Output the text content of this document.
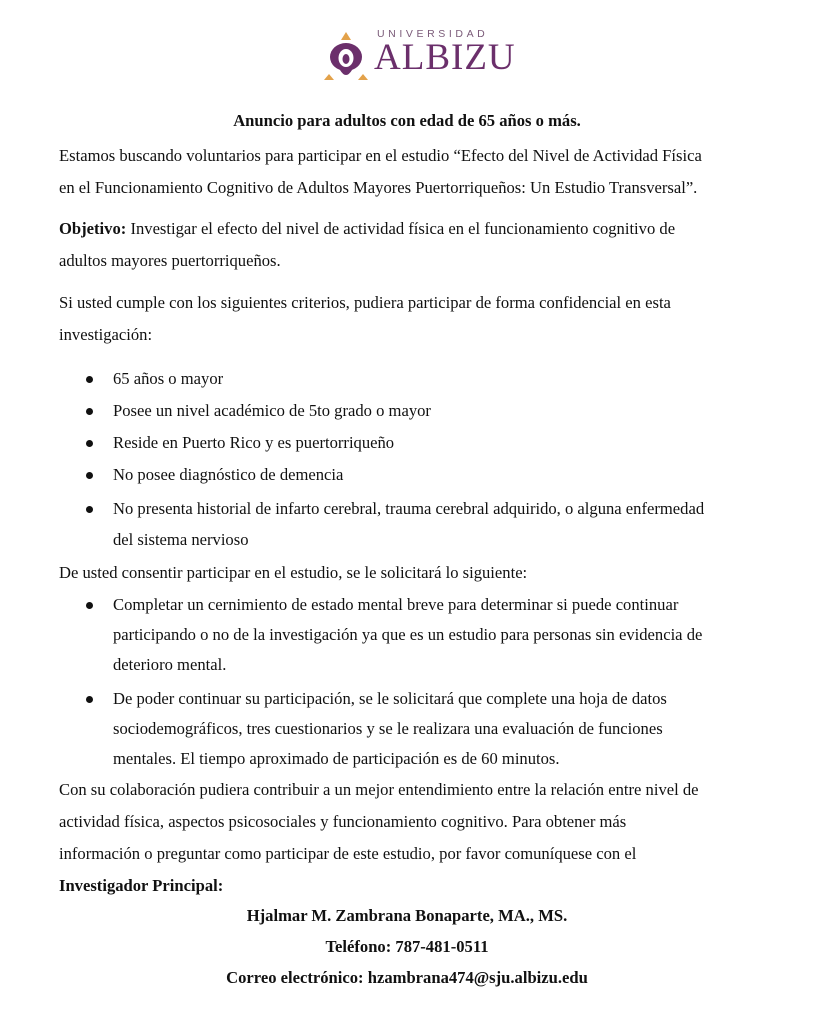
UNIVERSIDAD
ALBIZU
Anuncio para adultos con edad de 65 años o más.
Estamos buscando voluntarios para participar en el estudio “Efecto del Nivel de Actividad Física
en el Funcionamiento Cognitivo de Adultos Mayores Puertorriqueños: Un Estudio Transversal”.
Objetivo: Investigar el efecto del nivel de actividad física en el funcionamiento cognitivo de
adultos mayores puertorriqueños.
Si usted cumple con los siguientes criterios, pudiera participar de forma confidencial en esta
investigación:
65 años o mayor
Posee un nivel académico de 5to grado o mayor
Reside en Puerto Rico y es puertorriqueño
No posee diagnóstico de demencia
No presenta historial de infarto cerebral, trauma cerebral adquirido, o alguna enfermedad
del sistema nervioso
De usted consentir participar en el estudio, se le solicitará lo siguiente:
Completar un cernimiento de estado mental breve para determinar si puede continuar
participando o no de la investigación ya que es un estudio para personas sin evidencia de
deterioro mental.
De poder continuar su participación, se le solicitará que complete una hoja de datos
sociodemográficos, tres cuestionarios y se le realizara una evaluación de funciones
mentales. El tiempo aproximado de participación es de 60 minutos.
Con su colaboración pudiera contribuir a un mejor entendimiento entre la relación entre nivel de
actividad física, aspectos psicosociales y funcionamiento cognitivo. Para obtener más
información o preguntar como participar de este estudio, por favor comuníquese con el
Investigador Principal:
Hjalmar M. Zambrana Bonaparte, MA., MS.
Teléfono: 787-481-0511
Correo electrónico: hzambrana474@sju.albizu.edu
